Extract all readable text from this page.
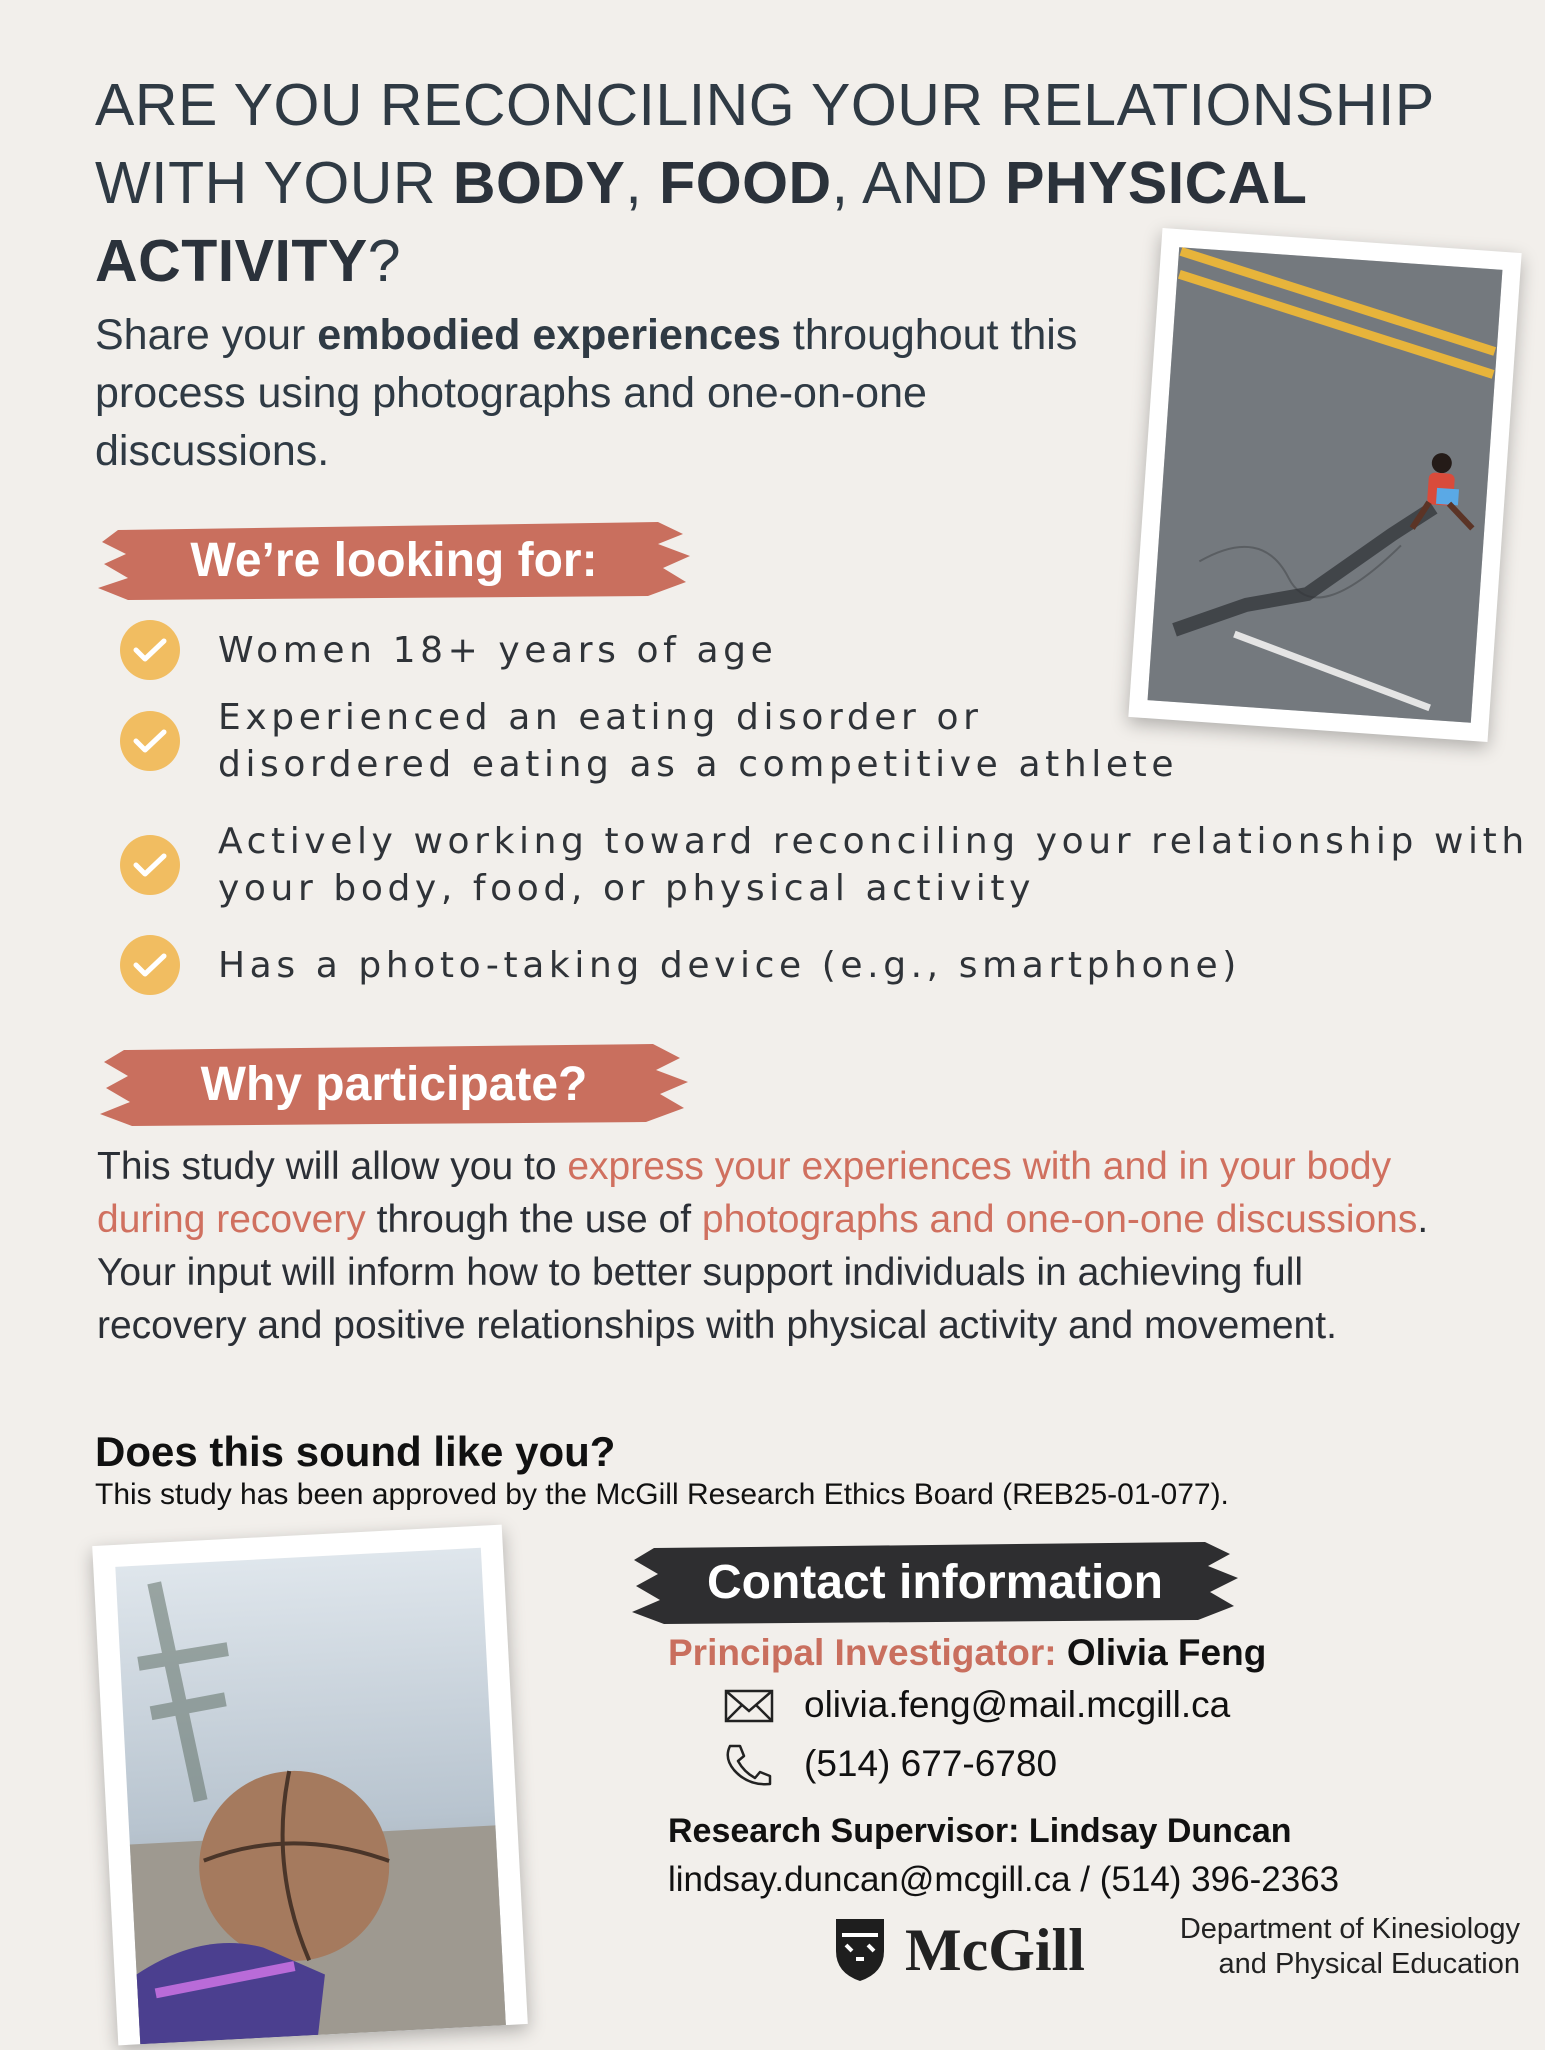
ARE YOU RECONCILING YOUR RELATIONSHIP
WITH YOUR BODY, FOOD, AND PHYSICAL
ACTIVITY?
Share your embodied experiences throughout this process using photographs and one-on-one discussions.
We’re looking for:
Women 18+ years of age
Experienced an eating disorder or
disordered eating as a competitive athlete
Actively working toward reconciling your relationship with
your body, food, or physical activity
Has a photo-taking device (e.g., smartphone)
Why participate?
This study will allow you to express your experiences with and in your body during recovery through the use of photographs and one-on-one discussions. Your input will inform how to better support individuals in achieving full recovery and positive relationships with physical activity and movement.
Does this sound like you?
This study has been approved by the McGill Research Ethics Board (REB25-01-077).
Contact information
Principal Investigator: Olivia Feng
olivia.feng@mail.mcgill.ca
(514) 677-6780
Research Supervisor: Lindsay Duncan
lindsay.duncan@mcgill.ca / (514) 396-2363
McGill	Department of Kinesiology
and Physical Education
